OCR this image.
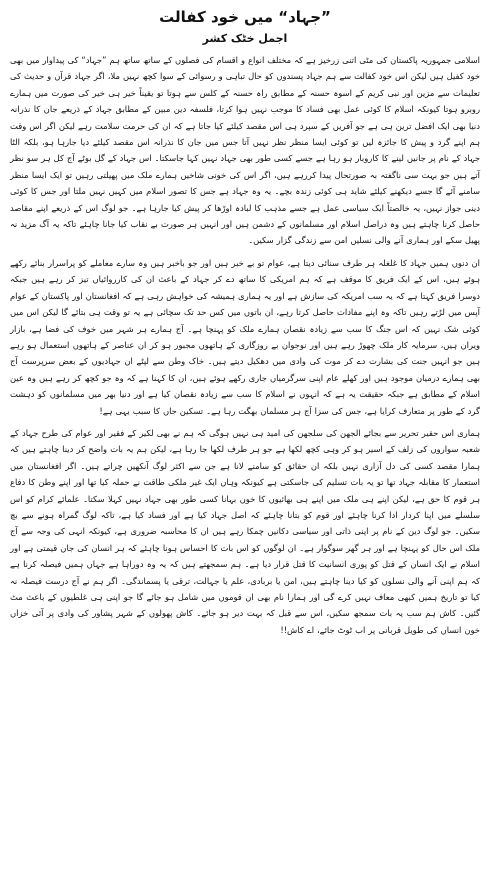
”جہاد“ میں خود کفالت
اجمل خٹک کشر

اسلامی جمہوریہ پاکستان کی مٹی اتنی زرخیز ہے کہ مختلف انواع و اقسام کی فصلوں کے ساتھ ساتھ ہم ”جہاد“ کی پیداوار میں بھی خود کفیل ہیں لیکن اس خود کفالت سے ہم جہاد پسندوں کو حال تباہی و رسوائی کے سوا کچھ نہیں ملا، اگر جہاد قرآن و حدیث کی تعلیمات سے مزین اور نبی کریم کے اسوہ حسنہ کے مطابق راہ حسنہ کے کلس سے ہوتا تو یقیناً خیر ہی خیر کی صورت میں ہمارے روبرو ہوتا کیونکہ اسلام کا کوئی عمل بھی فساد کا موجب نہیں ہوا کرتا، فلسفہ دین مبین کے مطابق جہاد کے ذریعے جان کا نذرانہ دنیا بھی ایک افضل ترین ہی ہے جو آفریں کے سپرد ہی اس مقصد کیلئے کیا جاتا ہے کہ ان کی حرمت سلامت رہے لیکن اگر اس وقت ہم اپنے گرد و پیش کا جائزہ لیں تو کوئی ایسا منظر نظر نہیں آتا جس میں جان کا نذرانہ اس مقصد کیلئے دیا جارہا ہو، بلکہ الٹا جہاد کے نام پر جانیں لینے کا کاروبار ہو رہا ہے جسے کسی طور بھی جہاد نہیں کہا جاسکتا۔ اس جہاد کے گل بوٹے آج کل ہر سو نظر آتے ہیں جو بہت سی ناگفتہ بہ صورتحال پیدا کررہے ہیں، اگر اس کی خونی شاخیں ہمارے ملک میں پھیلتی رہیں تو ایک ایسا منظر سامنے آئے گا جسے دیکھنے کیلئے شاید ہی کوئی زندہ بچے۔ یہ وہ جہاد ہے جس کا تصور اسلام میں کہیں نہیں ملتا اور جس کا کوئی دینی جواز نہیں، یہ خالصتاً ایک سیاسی عمل ہے جسے مذہب کا لبادہ اوڑھا کر پیش کیا جارہا ہے۔ جو لوگ اس کے ذریعے اپنے مقاصد حاصل کرنا چاہتے ہیں وہ دراصل اسلام اور مسلمانوں کے دشمن ہیں اور انہیں ہر صورت بے نقاب کیا جانا چاہئے تاکہ یہ آگ مزید نہ پھیل سکے اور ہماری آنے والی نسلیں امن سے زندگی گزار سکیں۔

ان دنوں ہمیں جہاد کا غلغلہ ہر طرف سنائی دیتا ہے، عوام تو بے خبر ہیں اور جو باخبر ہیں وہ سارے معاملے کو پراسرار بنائے رکھے ہوئے ہیں، اس کے ایک فریق کا موقف ہے کہ ہم امریکی کا ساتھ دے کر جہاد کے باعث ان کی کارروائیاں تیز کر رہے ہیں جبکہ دوسرا فریق کہتا ہے کہ یہ سب امریکہ کی سازش ہے اور یہ ہماری ہمیشہ کی خواہش رہی ہے کہ افغانستان اور پاکستان کے عوام آپس میں لڑتے رہیں تاکہ وہ اپنے مفادات حاصل کرتا رہے، ان باتوں میں کس حد تک سچائی ہے یہ تو وقت ہی بتائے گا لیکن اس میں کوئی شک نہیں کہ اس جنگ کا سب سے زیادہ نقصان ہمارے ملک کو پہنچا ہے۔ آج ہمارے ہر شہر میں خوف کی فضا ہے، بازار ویران ہیں، سرمایہ کار ملک چھوڑ رہے ہیں اور نوجوان بے روزگاری کے ہاتھوں مجبور ہو کر ان عناصر کے ہاتھوں استعمال ہو رہے ہیں جو انہیں جنت کی بشارت دے کر موت کی وادی میں دھکیل دیتے ہیں۔ خاک وطن سے لپٹے ان جہادیوں کے بعض سرپرست آج بھی ہمارے درمیان موجود ہیں اور کھلے عام اپنی سرگرمیاں جاری رکھے ہوئے ہیں، ان کا کہنا ہے کہ وہ جو کچھ کر رہے ہیں وہ عین اسلام کے مطابق ہے جبکہ حقیقت یہ ہے کہ انہوں نے اسلام کا سب سے زیادہ نقصان کیا ہے اور دنیا بھر میں مسلمانوں کو دہشت گرد کے طور پر متعارف کرایا ہے، جس کی سزا آج ہر مسلمان بھگت رہا ہے۔ تسکین جاں کا سبب یہی ہے!

ہماری اس حقیر تحریر سے بجائے الجھن کی سلجھن کی امید ہی نہیں ہوگی کہ ہم نے بھی لکیر کے فقیر اور عوام کی طرح جہاد کے شعبہ سواروں کی زلف کے اسیر ہو کر وہی کچھ لکھا ہے جو ہر طرف لکھا جا رہا ہے، لیکن ہم یہ بات واضح کر دینا چاہتے ہیں کہ ہمارا مقصد کسی کی دل آزاری نہیں بلکہ ان حقائق کو سامنے لانا ہے جن سے اکثر لوگ آنکھیں چراتے ہیں۔ اگر افغانستان میں استعمار کا مقابلہ جہاد تھا تو یہ بات تسلیم کی جاسکتی ہے کیونکہ وہاں ایک غیر ملکی طاقت نے حملہ کیا تھا اور اپنے وطن کا دفاع ہر قوم کا حق ہے، لیکن اپنے ہی ملک میں اپنے ہی بھائیوں کا خون بہانا کسی طور بھی جہاد نہیں کہلا سکتا۔ علمائے کرام کو اس سلسلے میں اپنا کردار ادا کرنا چاہئے اور قوم کو بتانا چاہئے کہ اصل جہاد کیا ہے اور فساد کیا ہے، تاکہ لوگ گمراہ ہونے سے بچ سکیں۔ جو لوگ دین کے نام پر اپنی ذاتی اور سیاسی دکانیں چمکا رہے ہیں ان کا محاسبہ ضروری ہے، کیونکہ انہی کی وجہ سے آج ملک اس حال کو پہنچا ہے اور ہر گھر سوگوار ہے۔ ان لوگوں کو اس بات کا احساس ہونا چاہئے کہ ہر انسان کی جان قیمتی ہے اور اسلام نے ایک انسان کے قتل کو پوری انسانیت کا قتل قرار دیا ہے۔ ہم سمجھتے ہیں کہ یہ وہ دوراہا ہے جہاں ہمیں فیصلہ کرنا ہے کہ ہم اپنی آنے والی نسلوں کو کیا دینا چاہتے ہیں، امن یا بربادی، علم یا جہالت، ترقی یا پسماندگی۔ اگر ہم نے آج درست فیصلہ نہ کیا تو تاریخ ہمیں کبھی معاف نہیں کرے گی اور ہمارا نام بھی ان قوموں میں شامل ہو جائے گا جو اپنی ہی غلطیوں کے باعث مٹ گئیں۔ کاش ہم سب یہ بات سمجھ سکیں، اس سے قبل کہ بہت دیر ہو جائے۔ کاش پھولوں کے شہر پشاور کی وادی پر آئی خزاں خون انساں کی طویل قربانی پر اب ٹوٹ جائے، اے کاش!!
